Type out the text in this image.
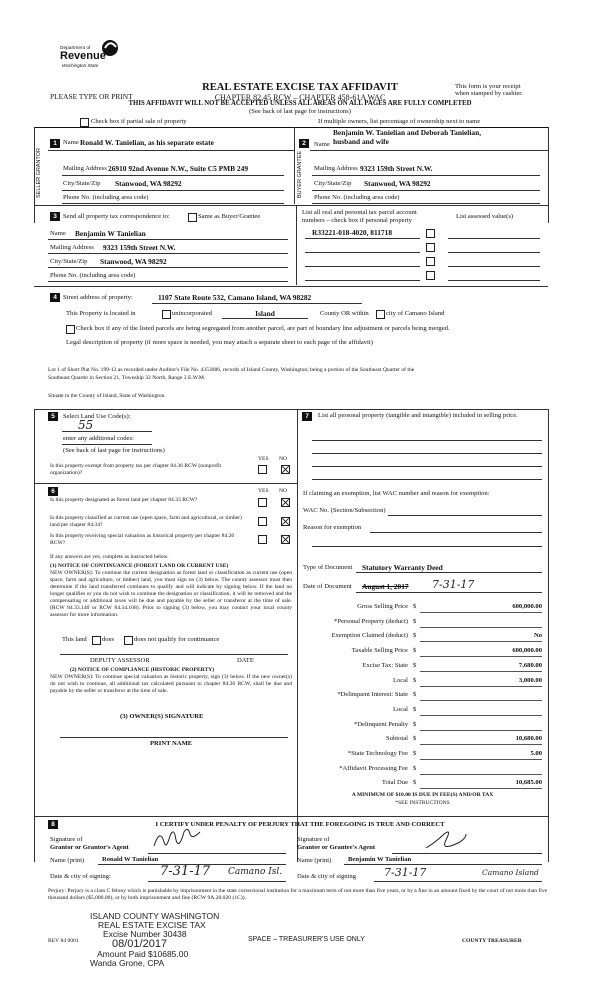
Department of
Revenue
Washington State
REAL ESTATE EXCISE TAX AFFIDAVIT
CHAPTER 82.45 RCW – CHAPTER 458-61A WAC
PLEASE TYPE OR PRINT
This form is your receipt
when stamped by cashier.
THIS AFFIDAVIT WILL NOT BE ACCEPTED UNLESS ALL AREAS ON ALL PAGES ARE FULLY COMPLETED
(See back of last page for instructions)
Check box if partial sale of property	If multiple owners, list percentage of ownership next to name
1
SELLER GRANTOR
Name Ronald W. Tanielian, as his separate estate
Mailing Address 26910 92nd Avenue N.W., Suite C5 PMB 249
City/State/Zip Stanwood, WA 98292
Phone No. (including area code)
2
BUYER GRANTEE
Name
Benjamin W. Tanielian and Deborah Tanielian,
husband and wife
Mailing Address 9323 159th Street N.W.
City/State/Zip Stanwood, WA 98292
Phone No. (including area code)
3 Send all property tax correspondence to:	Same as Buyer/Grantee
Name Benjamin W Tanielian
Mailing Address 9323 159th Street N.W.
City/State/Zip Stanwood, WA 98292
Phone No. (including area code)
List all real and personal tax parcel account
numbers – check box if personal property
List assessed value(s)
R33221-018-4020, 811718
4 Street address of property:	1107 State Route 532, Camano Island, WA 98282
This Property is located in	unincorporated	Island	County OR within	city of Camano Island
Check box if any of the listed parcels are being segregated from another parcel, are part of boundary line adjustment or parcels being merged.
Legal description of property (if more space is needed, you may attach a separate sheet to each page of the affidavit)
Lot 1 of Short Plat No. 199-12 as recorded under Auditor's File No. 4353086, records of Island County, Washington; being a portion of the Southeast Quarter of the
Southeast Quarter in Section 21, Township 32 North, Range 3 E.W.M.
Situate in the County of Island, State of Washington.
5	Select Land Use Code(s):
55
enter any additional codes:
(See back of last page for instructions)
YES NO
Is this property exempt from property tax per chapter 84.36 RCW (nonprofit organization)?
6	YES NO
Is this property designated as forest land per chapter 84.33 RCW?
Is this property classified as current use (open space, farm and agricultural, or timber) land per chapter 84.34?
Is this property receiving special valuation as historical property per chapter 84.26 RCW?
If any answers are yes, complete as instructed below.
(1) NOTICE OF CONTINUANCE (FOREST LAND OR CURRENT USE)
NEW OWNER(S): To continue the current designation as forest land or classification as current use (open space, farm and agriculture, or timber) land, you must sign on (3) below. The county assessor must then determine if the land transferred continues to qualify and will indicate by signing below. If the land no longer qualifies or you do not wish to continue the designation or classification, it will be removed and the compensating or additional taxes will be due and payable by the seller or transferor at the time of sale. (RCW 84.33.140 or RCW 84.34.108). Prior to signing (3) below, you may contact your local county assessor for more information.
This land does	does not qualify for continuance
DEPUTY ASSESSOR	DATE
(2) NOTICE OF COMPLIANCE (HISTORIC PROPERTY)
NEW OWNER(S): To continue special valuation as historic property, sign (3) below. If the new owner(s) do not wish to continue, all additional tax calculated pursuant to chapter 84.26 RCW, shall be due and payable by the seller or transferor at the time of sale.
(3) OWNER(S) SIGNATURE
PRINT NAME
7	List all personal property (tangible and intangible) included in selling price.
If claiming an exemption, list WAC number and reason for exemption:
WAC No. (Section/Subsection)
Reason for exemption
Type of Document Statutory Warranty Deed
Date of Document August 1, 2017 7-31-17
Gross Selling Price $	600,000.00
*Personal Property (deduct) $
Exemption Claimed (deduct) $	No
Taxable Selling Price $	600,000.00
Excise Tax: State $	7,680.00
Local $	3,000.00
*Delinquent Interest: State $
Local $
*Delinquent Penalty $
Subtotal $	10,680.00
*State Technology Fee $	5.00
*Affidavit Processing Fee $
Total Due $	10,685.00
A MINIMUM OF $10.00 IS DUE IN FEE(S) AND/OR TAX
*SEE INSTRUCTIONS
8	I CERTIFY UNDER PENALTY OF PERJURY THAT THE FOREGOING IS TRUE AND CORRECT
Signature of
Grantor or Grantor's Agent
Name (print)	Ronald W Tanielian
Date & city of signing:	7-31-17 Camano Isl.
Signature of
Grantee or Grantee's Agent
Name (print)	Benjamin W Tanielian
Date & city of signing	7-31-17	Camano Island
Perjury: Perjury is a class C felony which is punishable by imprisonment in the state correctional institution for a maximum term of not more than five years, or by a fine in an amount fixed by the court of not more than five thousand dollars ($5,000.00), or by both imprisonment and fine (RCW 9A.20.020 (1C)).
ISLAND COUNTY WASHINGTON
REAL ESTATE EXCISE TAX
Excise Number 30438
08/01/2017
Amount Paid $10685.00
Wanda Grone, CPA
REV 84 0001	SPACE – TREASURER'S USE ONLY	COUNTY TREASURER
